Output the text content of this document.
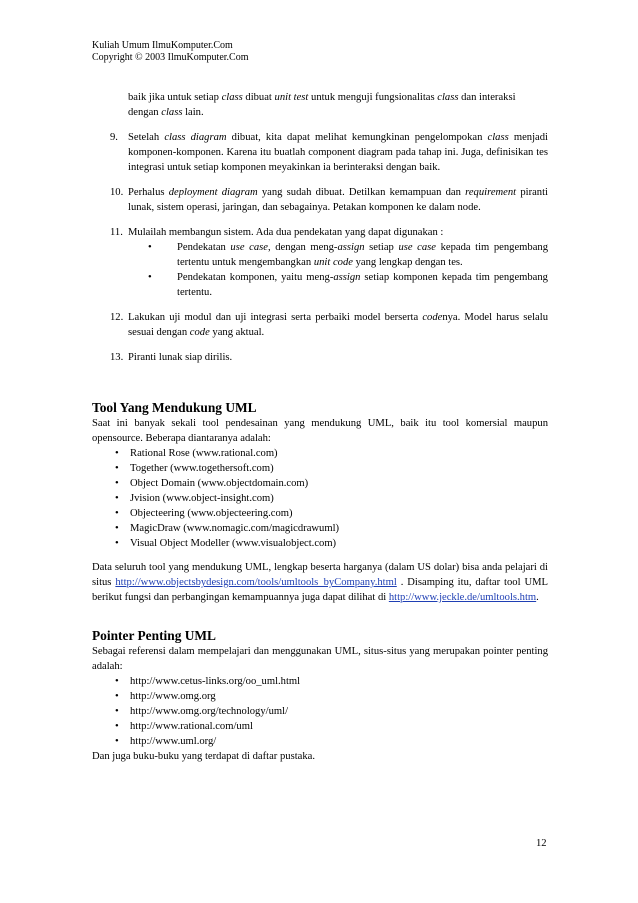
Kuliah Umum IlmuKomputer.Com
Copyright © 2003 IlmuKomputer.Com
baik jika untuk setiap class dibuat unit test untuk menguji fungsionalitas class dan interaksi
dengan class lain.
9. Setelah class diagram dibuat, kita dapat melihat kemungkinan pengelompokan class menjadi komponen-komponen. Karena itu buatlah component diagram pada tahap ini. Juga, definisikan tes integrasi untuk setiap komponen meyakinkan ia berinteraksi dengan baik.
10. Perhalus deployment diagram yang sudah dibuat. Detilkan kemampuan dan requirement piranti lunak, sistem operasi, jaringan, dan sebagainya. Petakan komponen ke dalam node.
11. Mulailah membangun sistem. Ada dua pendekatan yang dapat digunakan :
• Pendekatan use case, dengan meng-assign setiap use case kepada tim pengembang tertentu untuk mengembangkan unit code yang lengkap dengan tes.
• Pendekatan komponen, yaitu meng-assign setiap komponen kepada tim pengembang tertentu.
12. Lakukan uji modul dan uji integrasi serta perbaiki model berserta codenya. Model harus selalu sesuai dengan code yang aktual.
13. Piranti lunak siap dirilis.
Tool Yang Mendukung UML
Saat ini banyak sekali tool pendesainan yang mendukung UML, baik itu tool komersial maupun opensource. Beberapa diantaranya adalah:
• Rational Rose (www.rational.com)
• Together (www.togethersoft.com)
• Object Domain (www.objectdomain.com)
• Jvision (www.object-insight.com)
• Objecteering (www.objecteering.com)
• MagicDraw (www.nomagic.com/magicdrawuml)
• Visual Object Modeller (www.visualobject.com)
Data seluruh tool yang mendukung UML, lengkap beserta harganya (dalam US dolar) bisa anda pelajari di situs http://www.objectsbydesign.com/tools/umltools_byCompany.html . Disamping itu, daftar tool UML berikut fungsi dan perbangingan kemampuannya juga dapat dilihat di http://www.jeckle.de/umltools.htm.
Pointer Penting UML
Sebagai referensi dalam mempelajari dan menggunakan UML, situs-situs yang merupakan pointer penting adalah:
• http://www.cetus-links.org/oo_uml.html
• http://www.omg.org
• http://www.omg.org/technology/uml/
• http://www.rational.com/uml
• http://www.uml.org/
Dan juga buku-buku yang terdapat di daftar pustaka.
12
